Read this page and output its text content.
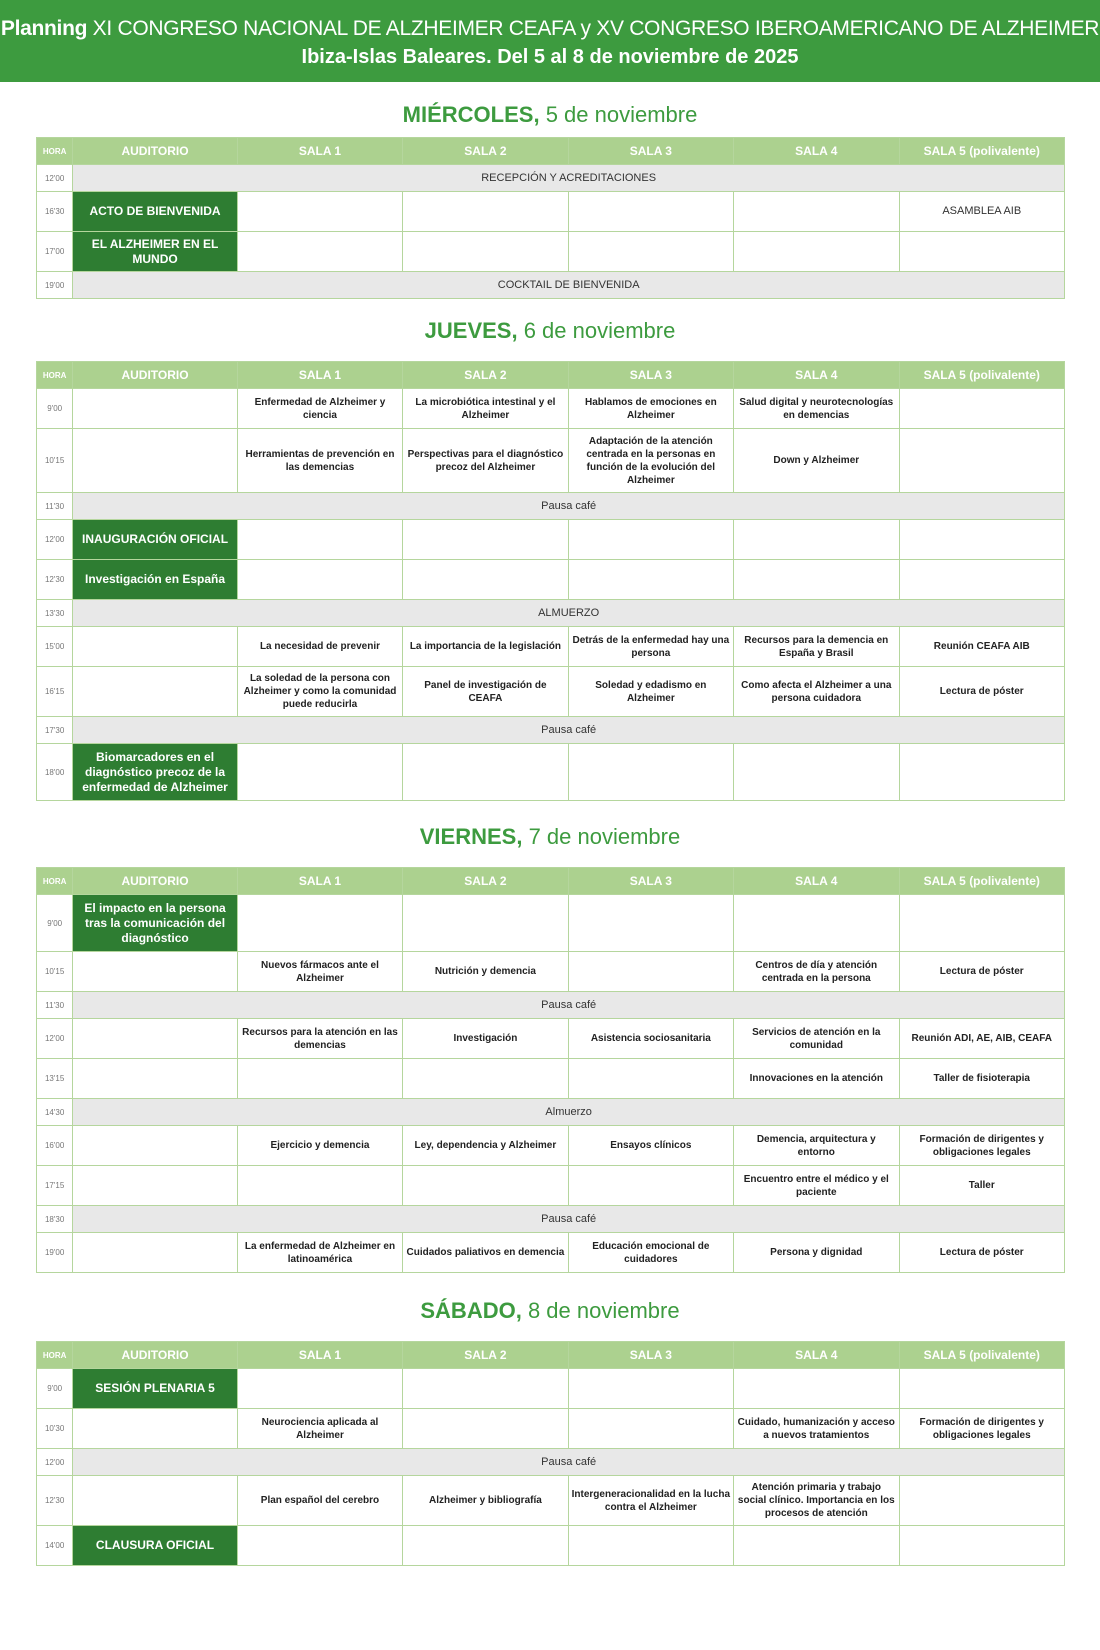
Planning XI CONGRESO NACIONAL DE ALZHEIMER CEAFA y XV CONGRESO IBEROAMERICANO DE ALZHEIMER
Ibiza-Islas Baleares. Del 5 al 8 de noviembre de 2025
MIÉRCOLES, 5 de noviembre
HORA	AUDITORIO	SALA 1	SALA 2	SALA 3	SALA 4	SALA 5 (polivalente)
12'00	RECEPCIÓN Y ACREDITACIONES					
16'30	ACTO DE BIENVENIDA					ASAMBLEA AIB
17'00	EL ALZHEIMER EN EL MUNDO					
19'00	COCKTAIL DE BIENVENIDA					
JUEVES, 6 de noviembre
HORA	AUDITORIO	SALA 1	SALA 2	SALA 3	SALA 4	SALA 5 (polivalente)
9'00		Enfermedad de Alzheimer y ciencia	La microbiótica intestinal y el Alzheimer	Hablamos de emociones en Alzheimer	Salud digital y neurotecnologías en demencias	
10'15		Herramientas de prevención en las demencias	Perspectivas para el diagnóstico precoz del Alzheimer	Adaptación de la atención centrada en la personas en función de la evolución del Alzheimer	Down y Alzheimer	
11'30	Pausa café					
12'00	INAUGURACIÓN OFICIAL					
12'30	Investigación en España					
13'30	ALMUERZO					
15'00		La necesidad de prevenir	La importancia de la legislación	Detrás de la enfermedad hay una persona	Recursos para la demencia en España y Brasil	Reunión CEAFA AIB
16'15		La soledad de la persona con Alzheimer y como la comunidad puede reducirla	Panel de investigación de CEAFA	Soledad y edadismo en Alzheimer	Como afecta el Alzheimer a una persona cuidadora	Lectura de póster
17'30	Pausa café					
18'00	Biomarcadores en el diagnóstico precoz de la enfermedad de Alzheimer					
VIERNES, 7 de noviembre
HORA	AUDITORIO	SALA 1	SALA 2	SALA 3	SALA 4	SALA 5 (polivalente)
9'00	El impacto en la persona tras la comunicación del diagnóstico					
10'15		Nuevos fármacos ante el Alzheimer	Nutrición y demencia		Centros de día y atención centrada en la persona	Lectura de póster
11'30	Pausa café					
12'00		Recursos para la atención en las demencias	Investigación	Asistencia sociosanitaria	Servicios de atención en la comunidad	Reunión ADI, AE, AIB, CEAFA
13'15					Innovaciones en la atención	Taller de fisioterapia
14'30	Almuerzo					
16'00		Ejercicio y demencia	Ley, dependencia y Alzheimer	Ensayos clínicos	Demencia, arquitectura y entorno	Formación de dirigentes y obligaciones legales
17'15					Encuentro entre el médico y el paciente	Taller
18'30	Pausa café					
19'00		La enfermedad de Alzheimer en latinoamérica	Cuidados paliativos en demencia	Educación emocional de cuidadores	Persona y dignidad	Lectura de póster
SÁBADO, 8 de noviembre
HORA	AUDITORIO	SALA 1	SALA 2	SALA 3	SALA 4	SALA 5 (polivalente)
9'00	SESIÓN PLENARIA 5					
10'30		Neurociencia aplicada al Alzheimer			Cuidado, humanización y acceso a nuevos tratamientos	Formación de dirigentes y obligaciones legales
12'00	Pausa café					
12'30		Plan español del cerebro	Alzheimer y bibliografía	Intergeneracionalidad en la lucha contra el Alzheimer	Atención primaria y trabajo social clínico. Importancia en los procesos de atención	
14'00	CLAUSURA OFICIAL					
